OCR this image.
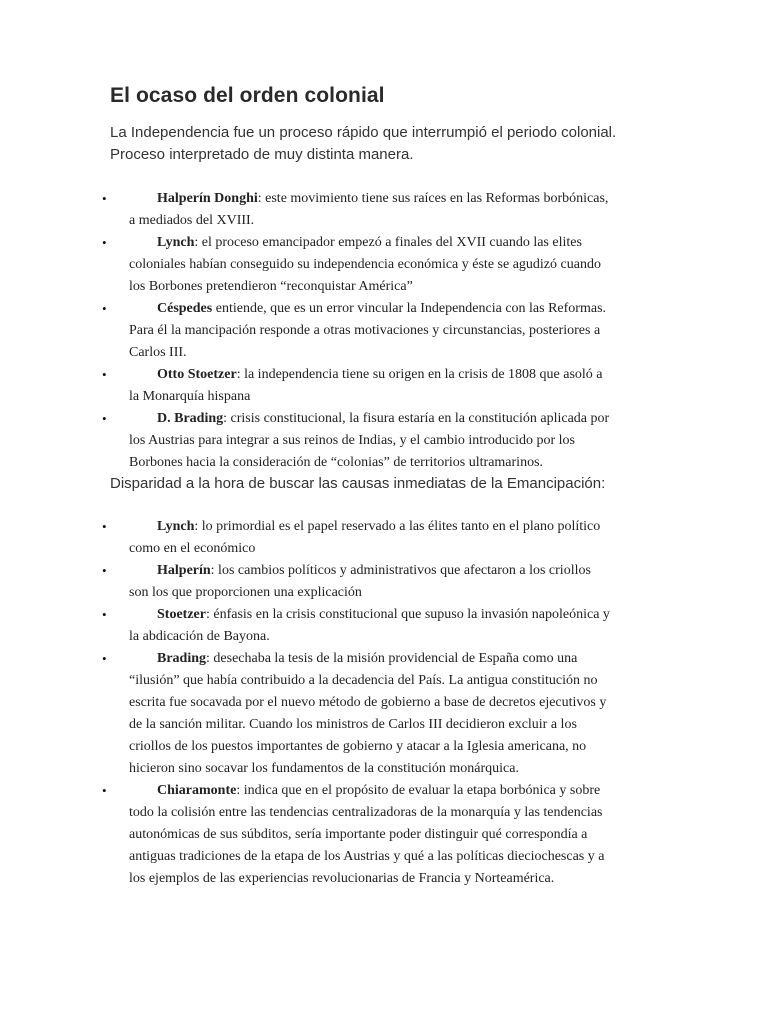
El ocaso del orden colonial

La Independencia fue un proceso rápido que interrumpió el periodo colonial.
Proceso interpretado de muy distinta manera.

•	Halperín Donghi: este movimiento tiene sus raíces en las Reformas borbónicas,
a mediados del XVIII.
•	Lynch: el proceso emancipador empezó a finales del XVII cuando las elites
coloniales habían conseguido su independencia económica y éste se agudizó cuando
los Borbones pretendieron “reconquistar América”
•	Céspedes entiende, que es un error vincular la Independencia con las Reformas.
Para él la mancipación responde a otras motivaciones y circunstancias, posteriores a
Carlos III.
•	Otto Stoetzer: la independencia tiene su origen en la crisis de 1808 que asoló a
la Monarquía hispana
•	D. Brading: crisis constitucional, la fisura estaría en la constitución aplicada por
los Austrias para integrar a sus reinos de Indias, y el cambio introducido por los
Borbones hacia la consideración de “colonias” de territorios ultramarinos.

Disparidad a la hora de buscar las causas inmediatas de la Emancipación:

•	Lynch: lo primordial es el papel reservado a las élites tanto en el plano político
como en el económico
•	Halperín: los cambios políticos y administrativos que afectaron a los criollos
son los que proporcionen una explicación
•	Stoetzer: énfasis en la crisis constitucional que supuso la invasión napoleónica y
la abdicación de Bayona.
•	Brading: desechaba la tesis de la misión providencial de España como una
“ilusión” que había contribuido a la decadencia del País. La antigua constitución no
escrita fue socavada por el nuevo método de gobierno a base de decretos ejecutivos y
de la sanción militar. Cuando los ministros de Carlos III decidieron excluir a los
criollos de los puestos importantes de gobierno y atacar a la Iglesia americana, no
hicieron sino socavar los fundamentos de la constitución monárquica.
•	Chiaramonte: indica que en el propósito de evaluar la etapa borbónica y sobre
todo la colisión entre las tendencias centralizadoras de la monarquía y las tendencias
autonómicas de sus súbditos, sería importante poder distinguir qué correspondía a
antiguas tradiciones de la etapa de los Austrias y qué a las políticas dieciochescas y a
los ejemplos de las experiencias revolucionarias de Francia y Norteamérica.
